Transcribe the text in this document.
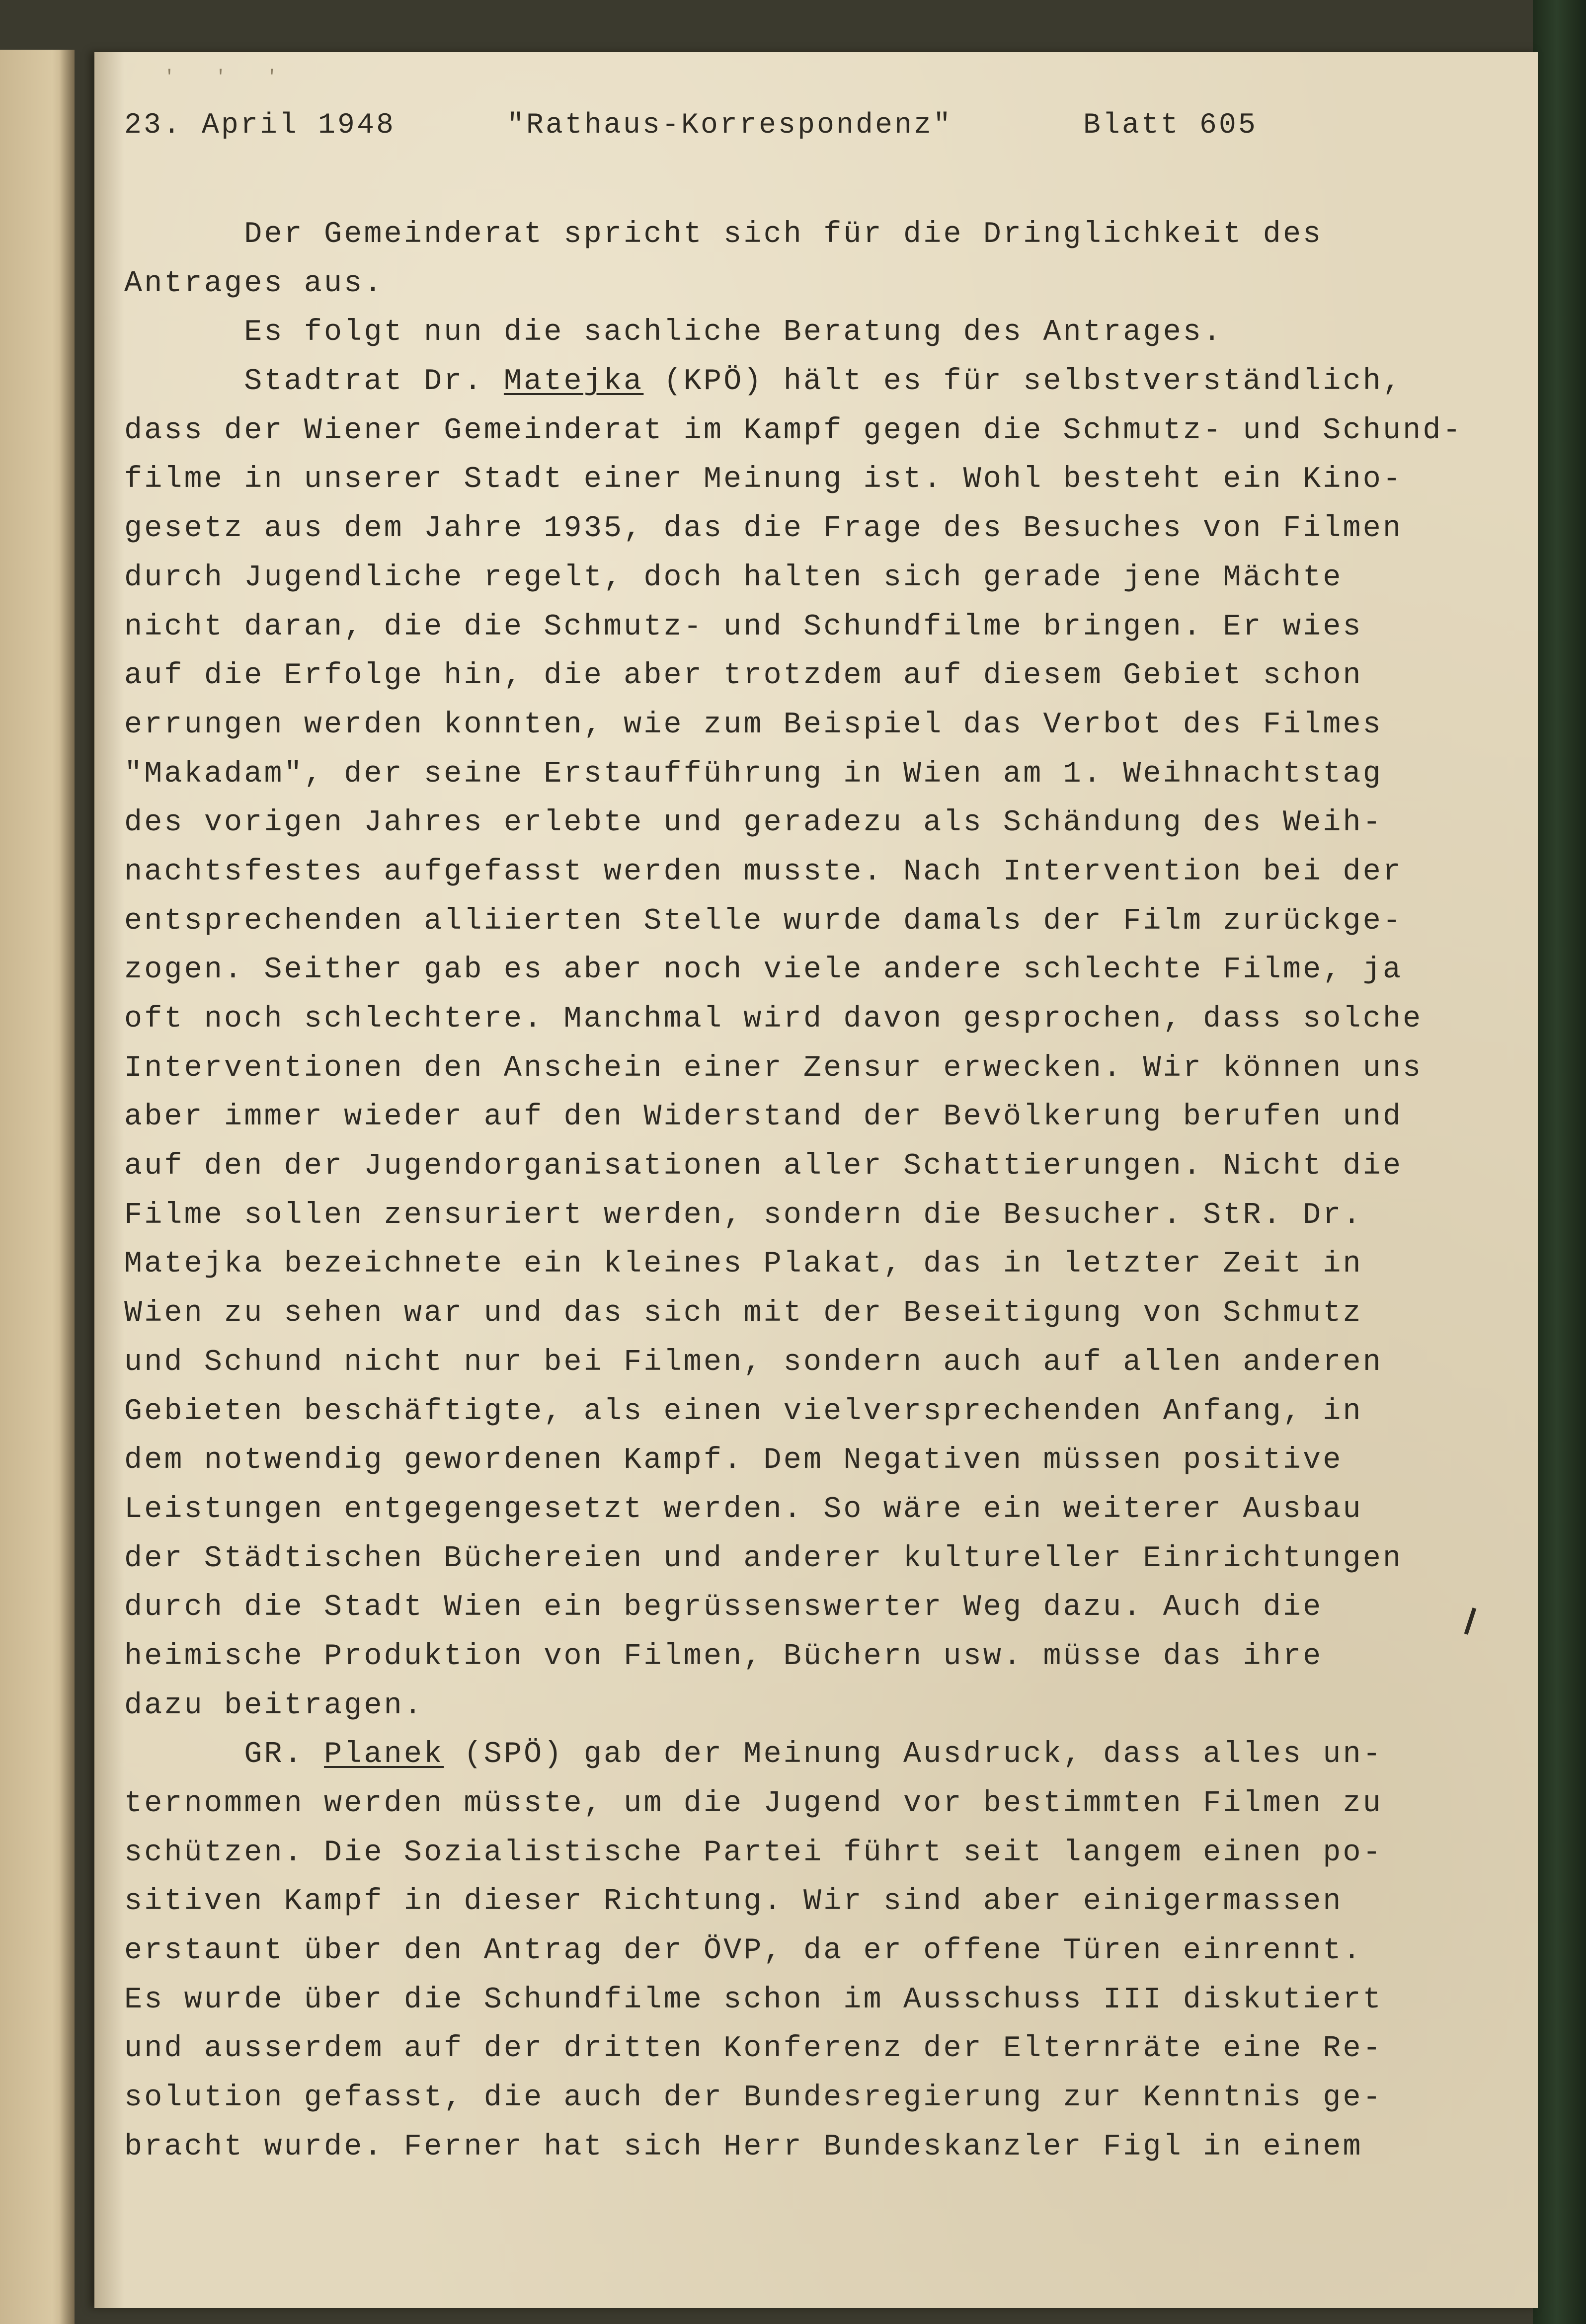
' ' '

23. April 1948

	"Rathaus-Korrespondenz"

	Blatt 605

Der Gemeinderat spricht sich für die Dringlichkeit des
Antrages aus.
Es folgt nun die sachliche Beratung des Antrages.
Stadtrat Dr. Matejka (KPÖ) hält es für selbstverständlich,
dass der Wiener Gemeinderat im Kampf gegen die Schmutz- und Schund-
filme in unserer Stadt einer Meinung ist. Wohl besteht ein Kino-
gesetz aus dem Jahre 1935, das die Frage des Besuches von Filmen
durch Jugendliche regelt, doch halten sich gerade jene Mächte
nicht daran, die die Schmutz- und Schundfilme bringen. Er wies
auf die Erfolge hin, die aber trotzdem auf diesem Gebiet schon
errungen werden konnten, wie zum Beispiel das Verbot des Filmes
"Makadam", der seine Erstaufführung in Wien am 1. Weihnachtstag
des vorigen Jahres erlebte und geradezu als Schändung des Weih-
nachtsfestes aufgefasst werden musste. Nach Intervention bei der
entsprechenden alliierten Stelle wurde damals der Film zurückge-
zogen. Seither gab es aber noch viele andere schlechte Filme, ja
oft noch schlechtere. Manchmal wird davon gesprochen, dass solche
Interventionen den Anschein einer Zensur erwecken. Wir können uns
aber immer wieder auf den Widerstand der Bevölkerung berufen und
auf den der Jugendorganisationen aller Schattierungen. Nicht die
Filme sollen zensuriert werden, sondern die Besucher. StR. Dr.
Matejka bezeichnete ein kleines Plakat, das in letzter Zeit in
Wien zu sehen war und das sich mit der Beseitigung von Schmutz
und Schund nicht nur bei Filmen, sondern auch auf allen anderen
Gebieten beschäftigte, als einen vielversprechenden Anfang, in
dem notwendig gewordenen Kampf. Dem Negativen müssen positive
Leistungen entgegengesetzt werden. So wäre ein weiterer Ausbau
der Städtischen Büchereien und anderer kultureller Einrichtungen
durch die Stadt Wien ein begrüssenswerter Weg dazu. Auch die
heimische Produktion von Filmen, Büchern usw. müsse das ihre
dazu beitragen.
GR. Planek (SPÖ) gab der Meinung Ausdruck, dass alles un-
ternommen werden müsste, um die Jugend vor bestimmten Filmen zu
schützen. Die Sozialistische Partei führt seit langem einen po-
sitiven Kampf in dieser Richtung. Wir sind aber einigermassen
erstaunt über den Antrag der ÖVP, da er offene Türen einrennt.
Es wurde über die Schundfilme schon im Ausschuss III diskutiert
und ausserdem auf der dritten Konferenz der Elternräte eine Re-
solution gefasst, die auch der Bundesregierung zur Kenntnis ge-
bracht wurde. Ferner hat sich Herr Bundeskanzler Figl in einem
